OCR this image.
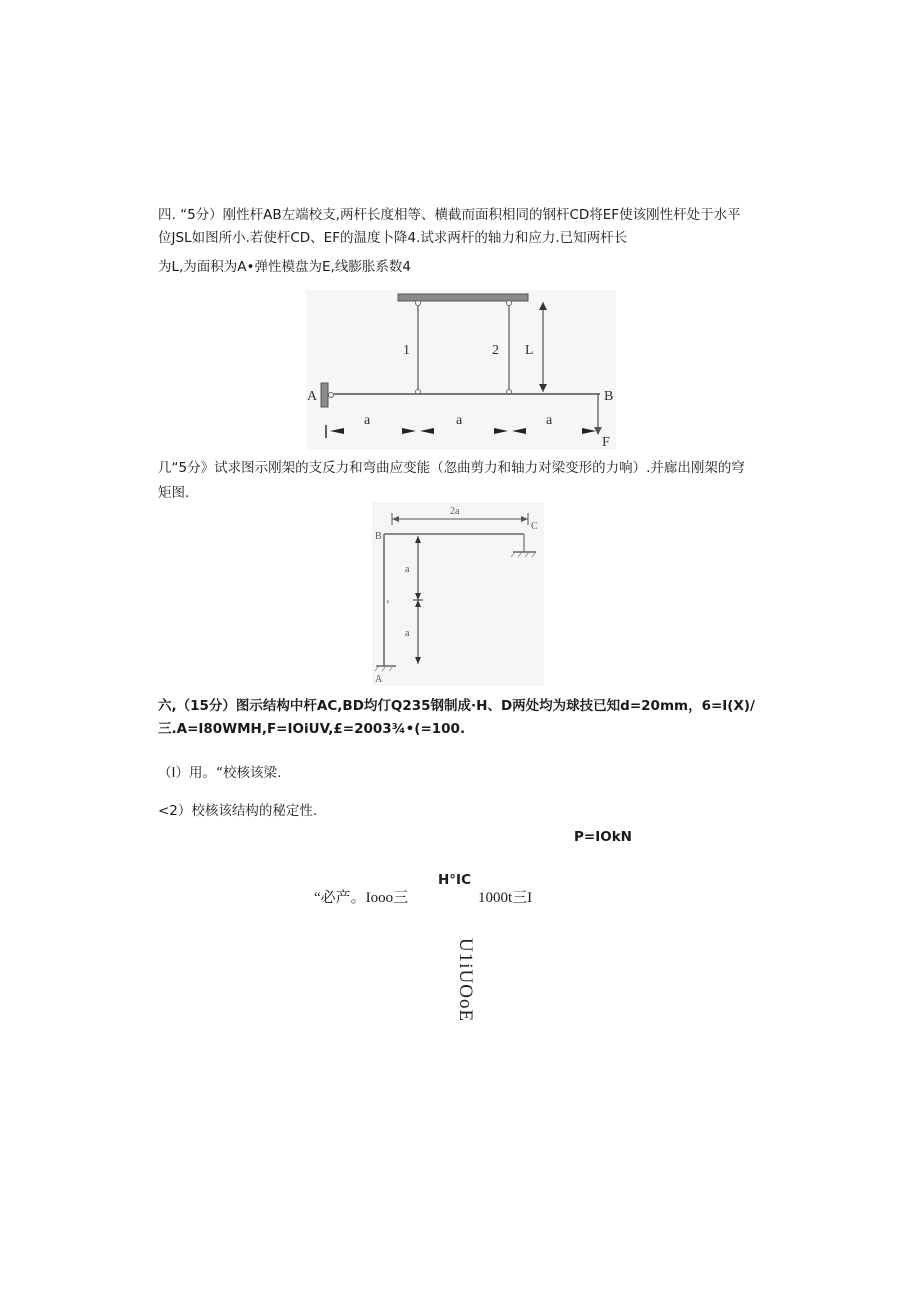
四. “5分）刚性杆AB左端校支,两杆长度相等、横截而面积相同的钢杆CD将EF使该刚性杆处于水平
位JSL如图所小.若使杆CD、EF的温度卜降4.试求两杆的轴力和应力.已知两杆长
为L,为面积为A•弹性模盘为E,线膨胀系数4
1	2 L
A	B
F
a	a	a
几“5分》试求图示刚架的支反力和弯曲应变能（忽曲剪力和轴力对梁变形的力响）.并廊出刚架的穹
矩图.
2a
B
C
A
›
a
a
六,（15分）图示结构中杆AC,BD均仃Q235钢制成·H、D两处均为球技已知d=20mm，6=I(X)/
三.A=I80WMH,F=IOiUV,£=2003¾•(=100.
（I）用。“校核该梁.
<2）校核该结构的秘定性.
P=IOkN
H°IC
“必产。Iooo三	1000t三I
U1iUOoE
